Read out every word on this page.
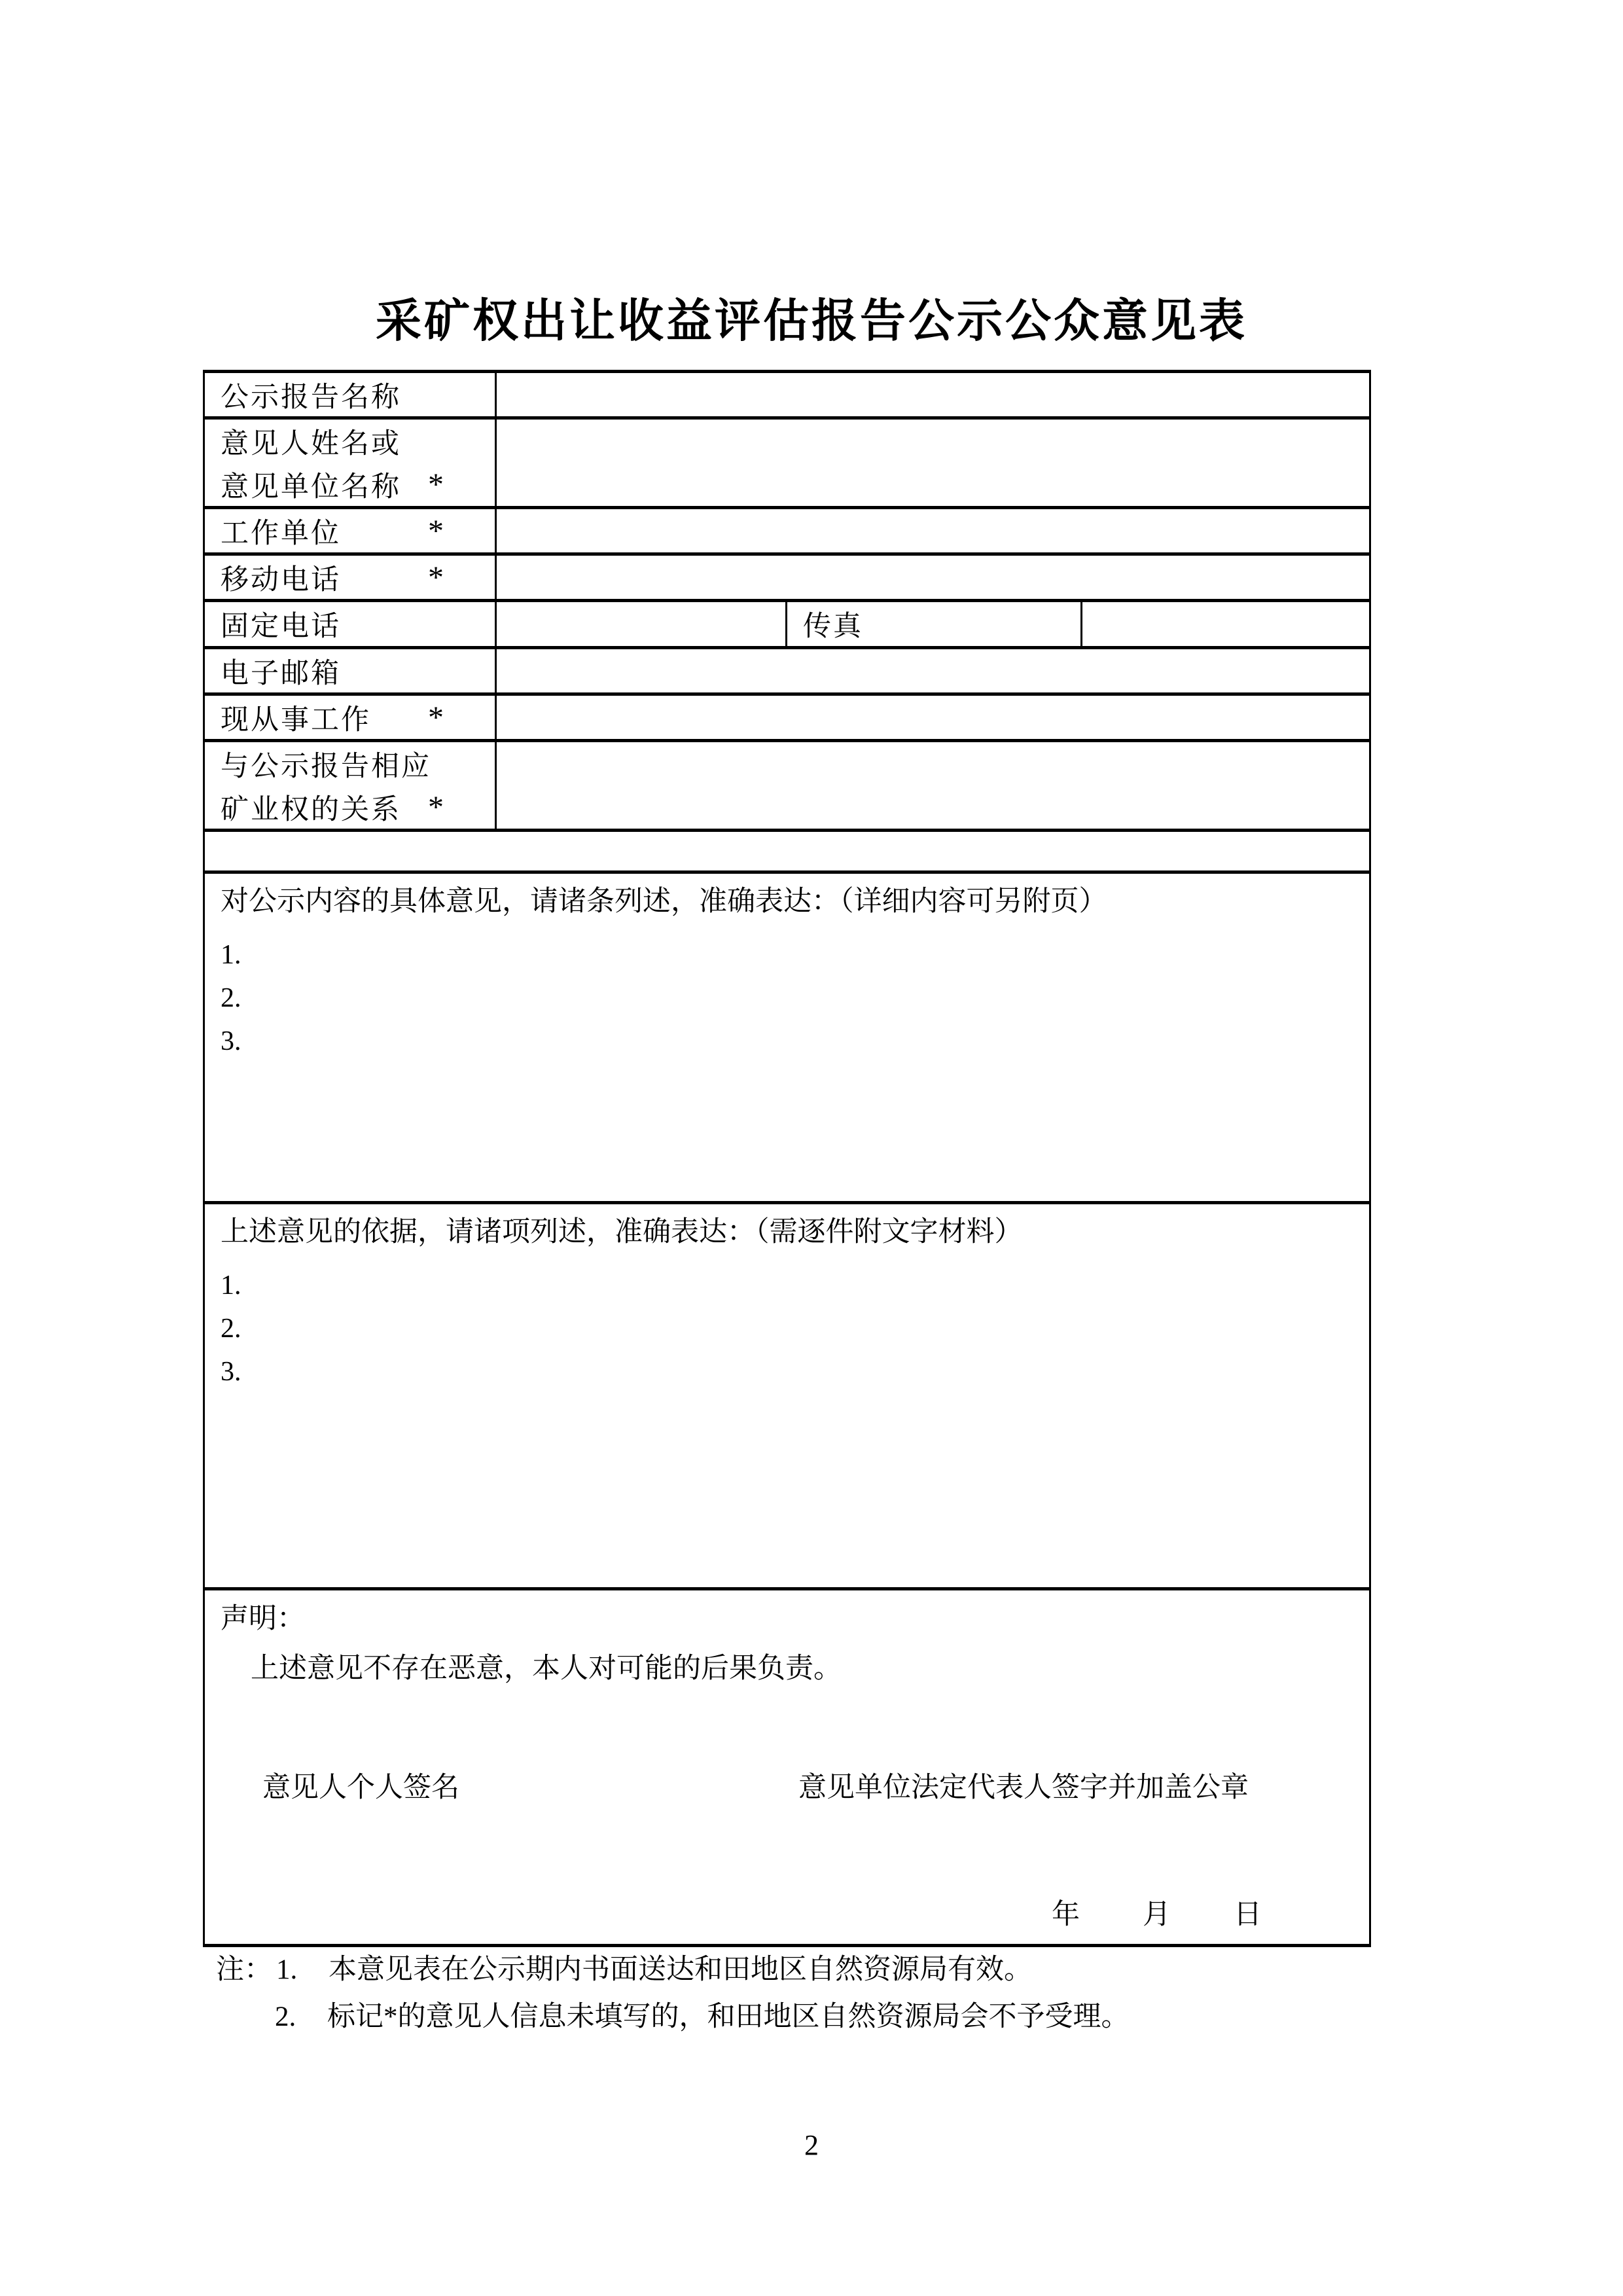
采矿权出让收益评估报告公示公众意见表
公示报告名称			

意见人姓名或
意见单位名称 *			

工作单位 *			

移动电话 *			

固定电话		传真	

电子邮箱			

现从事工作 *			

与公示报告相应
矿业权的关系 *			

对公示内容的具体意见，请诸条列述，准确表达：（详细内容可另附页）
1.
2.
3.			

上述意见的依据，请诸项列述，准确表达：（需逐件附文字材料）
1.
2.
3.			

声明：
上述意见不存在恶意，本人对可能的后果负责。
意见人个人签名	意见单位法定代表人签字并加盖公章
年 月 日
注： 1.	本意见表在公示期内书面送达和田地区自然资源局有效。
2.	标记*的意见人信息未填写的，和田地区自然资源局会不予受理。
2
